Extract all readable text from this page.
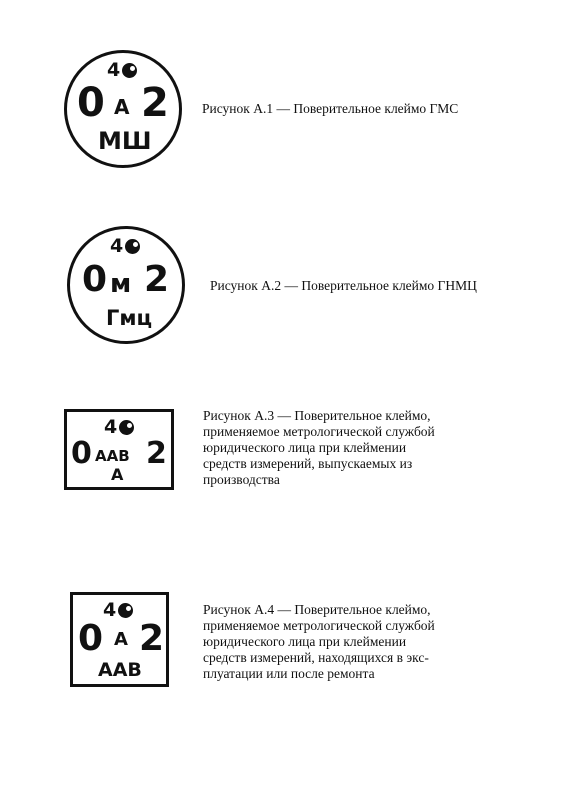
4
0 А 2
МШ
Рисунок А.1 — Поверительное клеймо ГМС
4
0 м 2
Гмц
Рисунок А.2 — Поверительное клеймо ГНМЦ
4
0 ААВ 2
А
Рисунок А.3 — Поверительное клеймо,
применяемое метрологической службой
юридического лица при клеймении
средств измерений, выпускаемых из
производства
4
0 А 2
ААВ
Рисунок А.4 — Поверительное клеймо,
применяемое метрологической службой
юридического лица при клеймении
средств измерений, находящихся в экс-
плуатации или после ремонта
